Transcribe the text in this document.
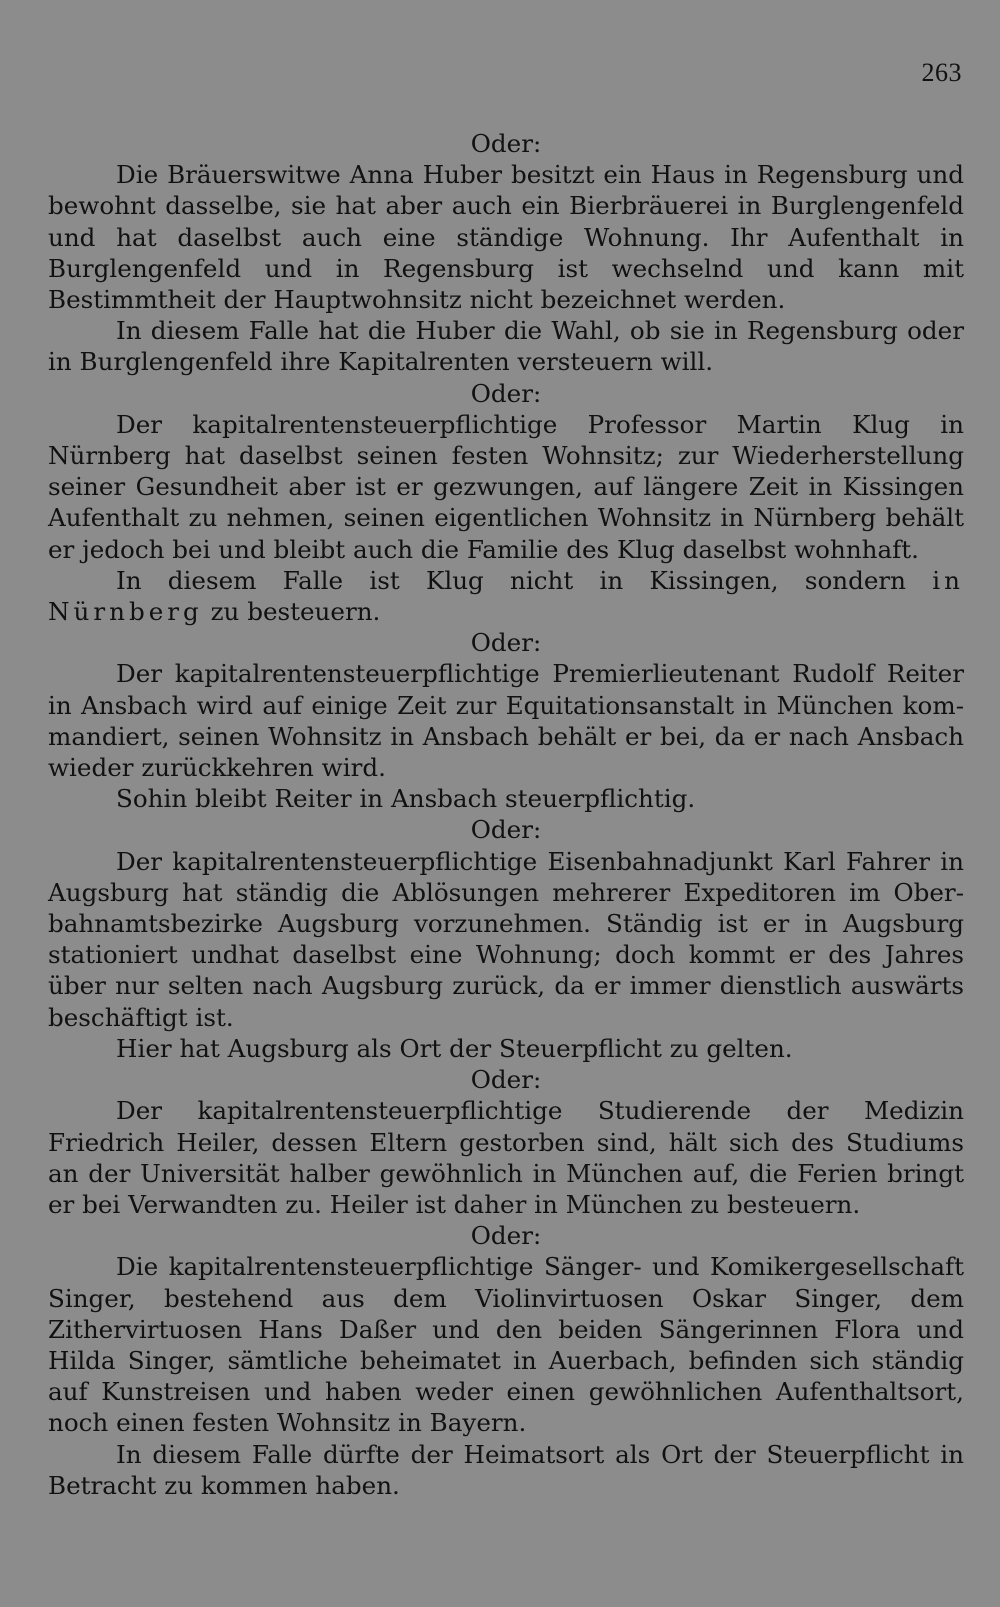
263

Oder:

Die Bräuerswitwe Anna Huber besitzt ein Haus in Regensburg und bewohnt dasselbe, sie hat aber auch ein Bierbräuerei in Burglengenfeld und hat daselbst auch eine ständige Wohnung. Ihr Aufenthalt in Burglengenfeld und in Regensburg ist wechselnd und kann mit Bestimmtheit der Hauptwohnsitz nicht bezeichnet werden.

In diesem Falle hat die Huber die Wahl, ob sie in Regensburg oder in Burglengenfeld ihre Kapitalrenten versteuern will.

Oder:

Der kapitalrentensteuerpflichtige Professor Martin Klug in Nürnberg hat daselbst seinen festen Wohnsitz; zur Wiederherstellung seiner Gesundheit aber ist er gezwungen, auf längere Zeit in Kissingen Aufenthalt zu nehmen, seinen eigentlichen Wohnsitz in Nürnberg behält er jedoch bei und bleibt auch die Familie des Klug daselbst wohnhaft.

In diesem Falle ist Klug nicht in Kissingen, sondern in Nürnberg zu besteuern.

Oder:

Der kapitalrentensteuerpflichtige Premierlieutenant Rudolf Reiter in Ansbach wird auf einige Zeit zur Equitationsanstalt in München kommandiert, seinen Wohnsitz in Ansbach behält er bei, da er nach Ansbach wieder zurückkehren wird.

Sohin bleibt Reiter in Ansbach steuerpflichtig.

Oder:

Der kapitalrentensteuerpflichtige Eisenbahnadjunkt Karl Fahrer in Augsburg hat ständig die Ablösungen mehrerer Expeditoren im Oberbahnamtsbezirke Augsburg vorzunehmen. Ständig ist er in Augsburg stationiert undhat daselbst eine Wohnung; doch kommt er des Jahres über nur selten nach Augsburg zurück, da er immer dienstlich auswärts beschäftigt ist.

Hier hat Augsburg als Ort der Steuerpflicht zu gelten.

Oder:

Der kapitalrentensteuerpflichtige Studierende der Medizin Friedrich Heiler, dessen Eltern gestorben sind, hält sich des Studiums an der Universität halber gewöhnlich in München auf, die Ferien bringt er bei Verwandten zu. Heiler ist daher in München zu besteuern.

Oder:

Die kapitalrentensteuerpflichtige Sänger- und Komikergesellschaft Singer, bestehend aus dem Violinvirtuosen Oskar Singer, dem Zithervirtuosen Hans Daßer und den beiden Sängerinnen Flora und Hilda Singer, sämtliche beheimatet in Auerbach, befinden sich ständig auf Kunstreisen und haben weder einen gewöhnlichen Aufenthaltsort, noch einen festen Wohnsitz in Bayern.

In diesem Falle dürfte der Heimatsort als Ort der Steuerpflicht in Betracht zu kommen haben.
